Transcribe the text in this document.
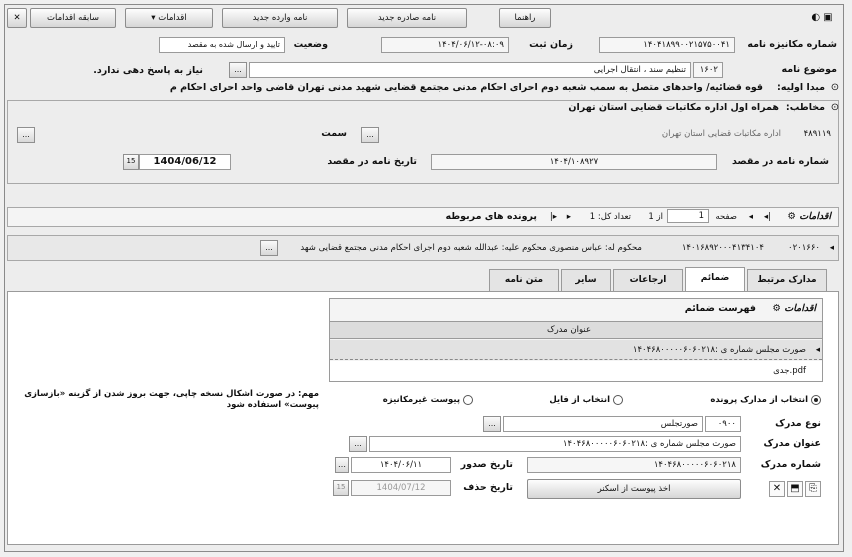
▣ ◐
راهنما
نامه صادره جدید
نامه وارده جدید
اقدامات ▾
سابقه اقدامات
✕
شماره مکانیزه نامه
۱۴۰۴۱۸۹۹۰۰۲۱۵۷۵۰۰۴۱
زمان ثبت
۱۴۰۴/۰۶/۱۲-۰۸:۰۹
وضعیت
تایید و ارسال شده به مقصد
موضوع نامه
۱۶۰۲
تنظیم سند ، انتقال اجرایی
...
نیاز به پاسخ دهی ندارد.
⊙
مبدا اولیه:
قوه قضائیه/ واحدهای متصل به سمب شعبه دوم احرای احکام مدنی مجتمع قضایی شهید مدنی تهران قاضی واحد احرای احکام م
⊙
مخاطب:
همراه اول اداره مکاتبات قضایی استان تهران
۴۸۹۱۱۹
اداره مکاتبات قضایی استان تهران
...
سمت
...
شماره نامه در مقصد
۱۴۰۴/۱۰۸۹۲۷
تاریخ نامه در مقصد
1404/06/12
15
اقدامات ⚙
|◂
◂
صفحه
1
از 1
تعداد کل: 1
▸
▸|
پرونده های مربوطه
◂
۰۲۰۱۶۶۰
۱۴۰۱۶۸۹۲۰۰۰۴۱۳۴۱۰۴
محکوم له: عباس منصوری محکوم علیه: عبدالله شعبه دوم اجرای احکام مدنی مجتمع قضایی شهد
...
مدارک مرتبط
ضمائم
ارجاعات
سایر
متن نامه
اقدامات ⚙
فهرست ضمائم
عنوان مدرک
◂
صورت مجلس شماره ی :۱۴۰۴۶۸۰۰۰۰۰۶۰۶۰۲۱۸
جدی.pdf
انتخاب از مدارک پرونده
انتخاب از فایل
پیوست غیرمکانیزه
مهم: در صورت اشکال نسخه چاپی، جهت برو‌ز شدن از گزینه «بازسازی پیوست» استفاده شود
نوع مدرک
۰۹۰۰
صورتجلس
...
عنوان مدرک
صورت مجلس شماره ی :۱۴۰۴۶۸۰۰۰۰۰۶۰۶۰۲۱۸
...
شماره مدرک
۱۴۰۴۶۸۰۰۰۰۰۶۰۶۰۲۱۸
تاریخ صدور
۱۴۰۴/۰۶/۱۱
…
⎘
⬒
✕
اخذ پیوست از اسکنر
تاریخ حذف
1404/07/12
15
